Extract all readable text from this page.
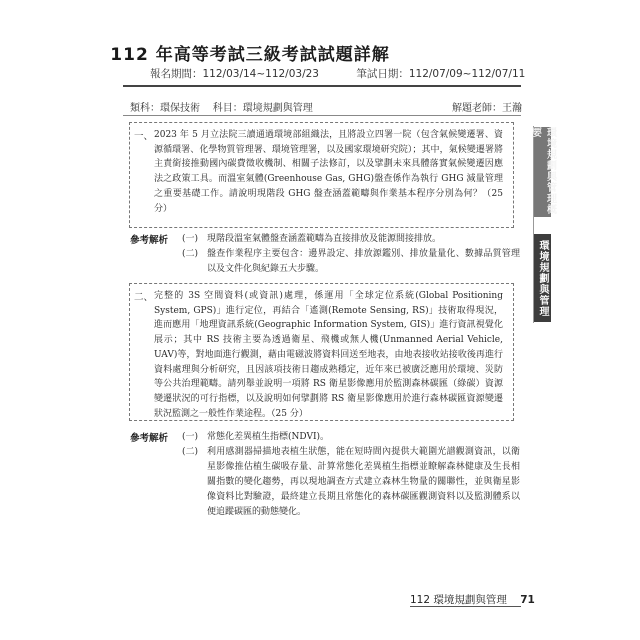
112 年高等考試三級考試試題詳解
報名期間：112/03/14~112/03/23	筆試日期：112/07/09~112/07/11
類科：環保技術 科目：環境規劃與管理	解題老師：王瀚
一、 2023 年 5 月立法院三讀通過環境部組織法，且將設立四署一院（包含氣候變遷署、資源循環署、化學物質管理署、環境管理署，以及國家環境研究院）；其中，氣候變遷署將主責銜接推動國內碳費徵收機制、相關子法修訂，以及擘劃未來具體落實氣候變遷因應法之政策工具。而溫室氣體(Greenhouse Gas, GHG)盤查係作為執行 GHG 減量管理之重要基礎工作。請說明現階段 GHG 盤查涵蓋範疇與作業基本程序分別為何？（25 分）
參考解析 (一) 現階段溫室氣體盤查涵蓋範疇為直接排放及能源間接排放。
(二) 盤查作業程序主要包含：邊界設定、排放源鑑別、排放量量化、數據品質管理以及文件化與紀錄五大步驟。
二、 完整的 3S 空間資料(或資訊)處理，係運用「全球定位系統(Global Positioning System, GPS)」進行定位，再結合「遙測(Remote Sensing, RS)」技術取得現況，進而應用「地理資訊系統(Geographic Information System, GIS)」進行資訊視覺化展示；其中 RS 技術主要為透過衛星、飛機或無人機(Unmanned Aerial Vehicle, UAV)等，對地面進行觀測，藉由電磁波將資料回送至地表，由地表接收站接收後再進行資料處理與分析研究，且因該項技術日趨成熟穩定，近年來已被廣泛應用於環境、災防等公共治理範疇。請列舉並說明一項將 RS 衛星影像應用於監測森林碳匯（綠碳）資源變遷狀況的可行指標，以及說明如何擘劃將 RS 衛星影像應用於進行森林碳匯資源變遷狀況監測之一般性作業途程。（25 分）
參考解析 (一) 常態化差異植生指標(NDVI)。
(二) 利用感測器掃描地表植生狀態，能在短時間內提供大範圍光譜觀測資訊，以衛星影像推估植生碳吸存量、計算常態化差異植生指標並瞭解森林健康及生長相關指數的變化趨勢，再以現地調查方式建立森林生物量的關聯性，並與衛星影像資料比對驗證，最終建立長期且常態化的森林碳匯觀測資料以及監測體系以便追蹤碳匯的動態變化。
環境規劃與管理概要
環境規劃與管理
112 環境規劃與管理 71
